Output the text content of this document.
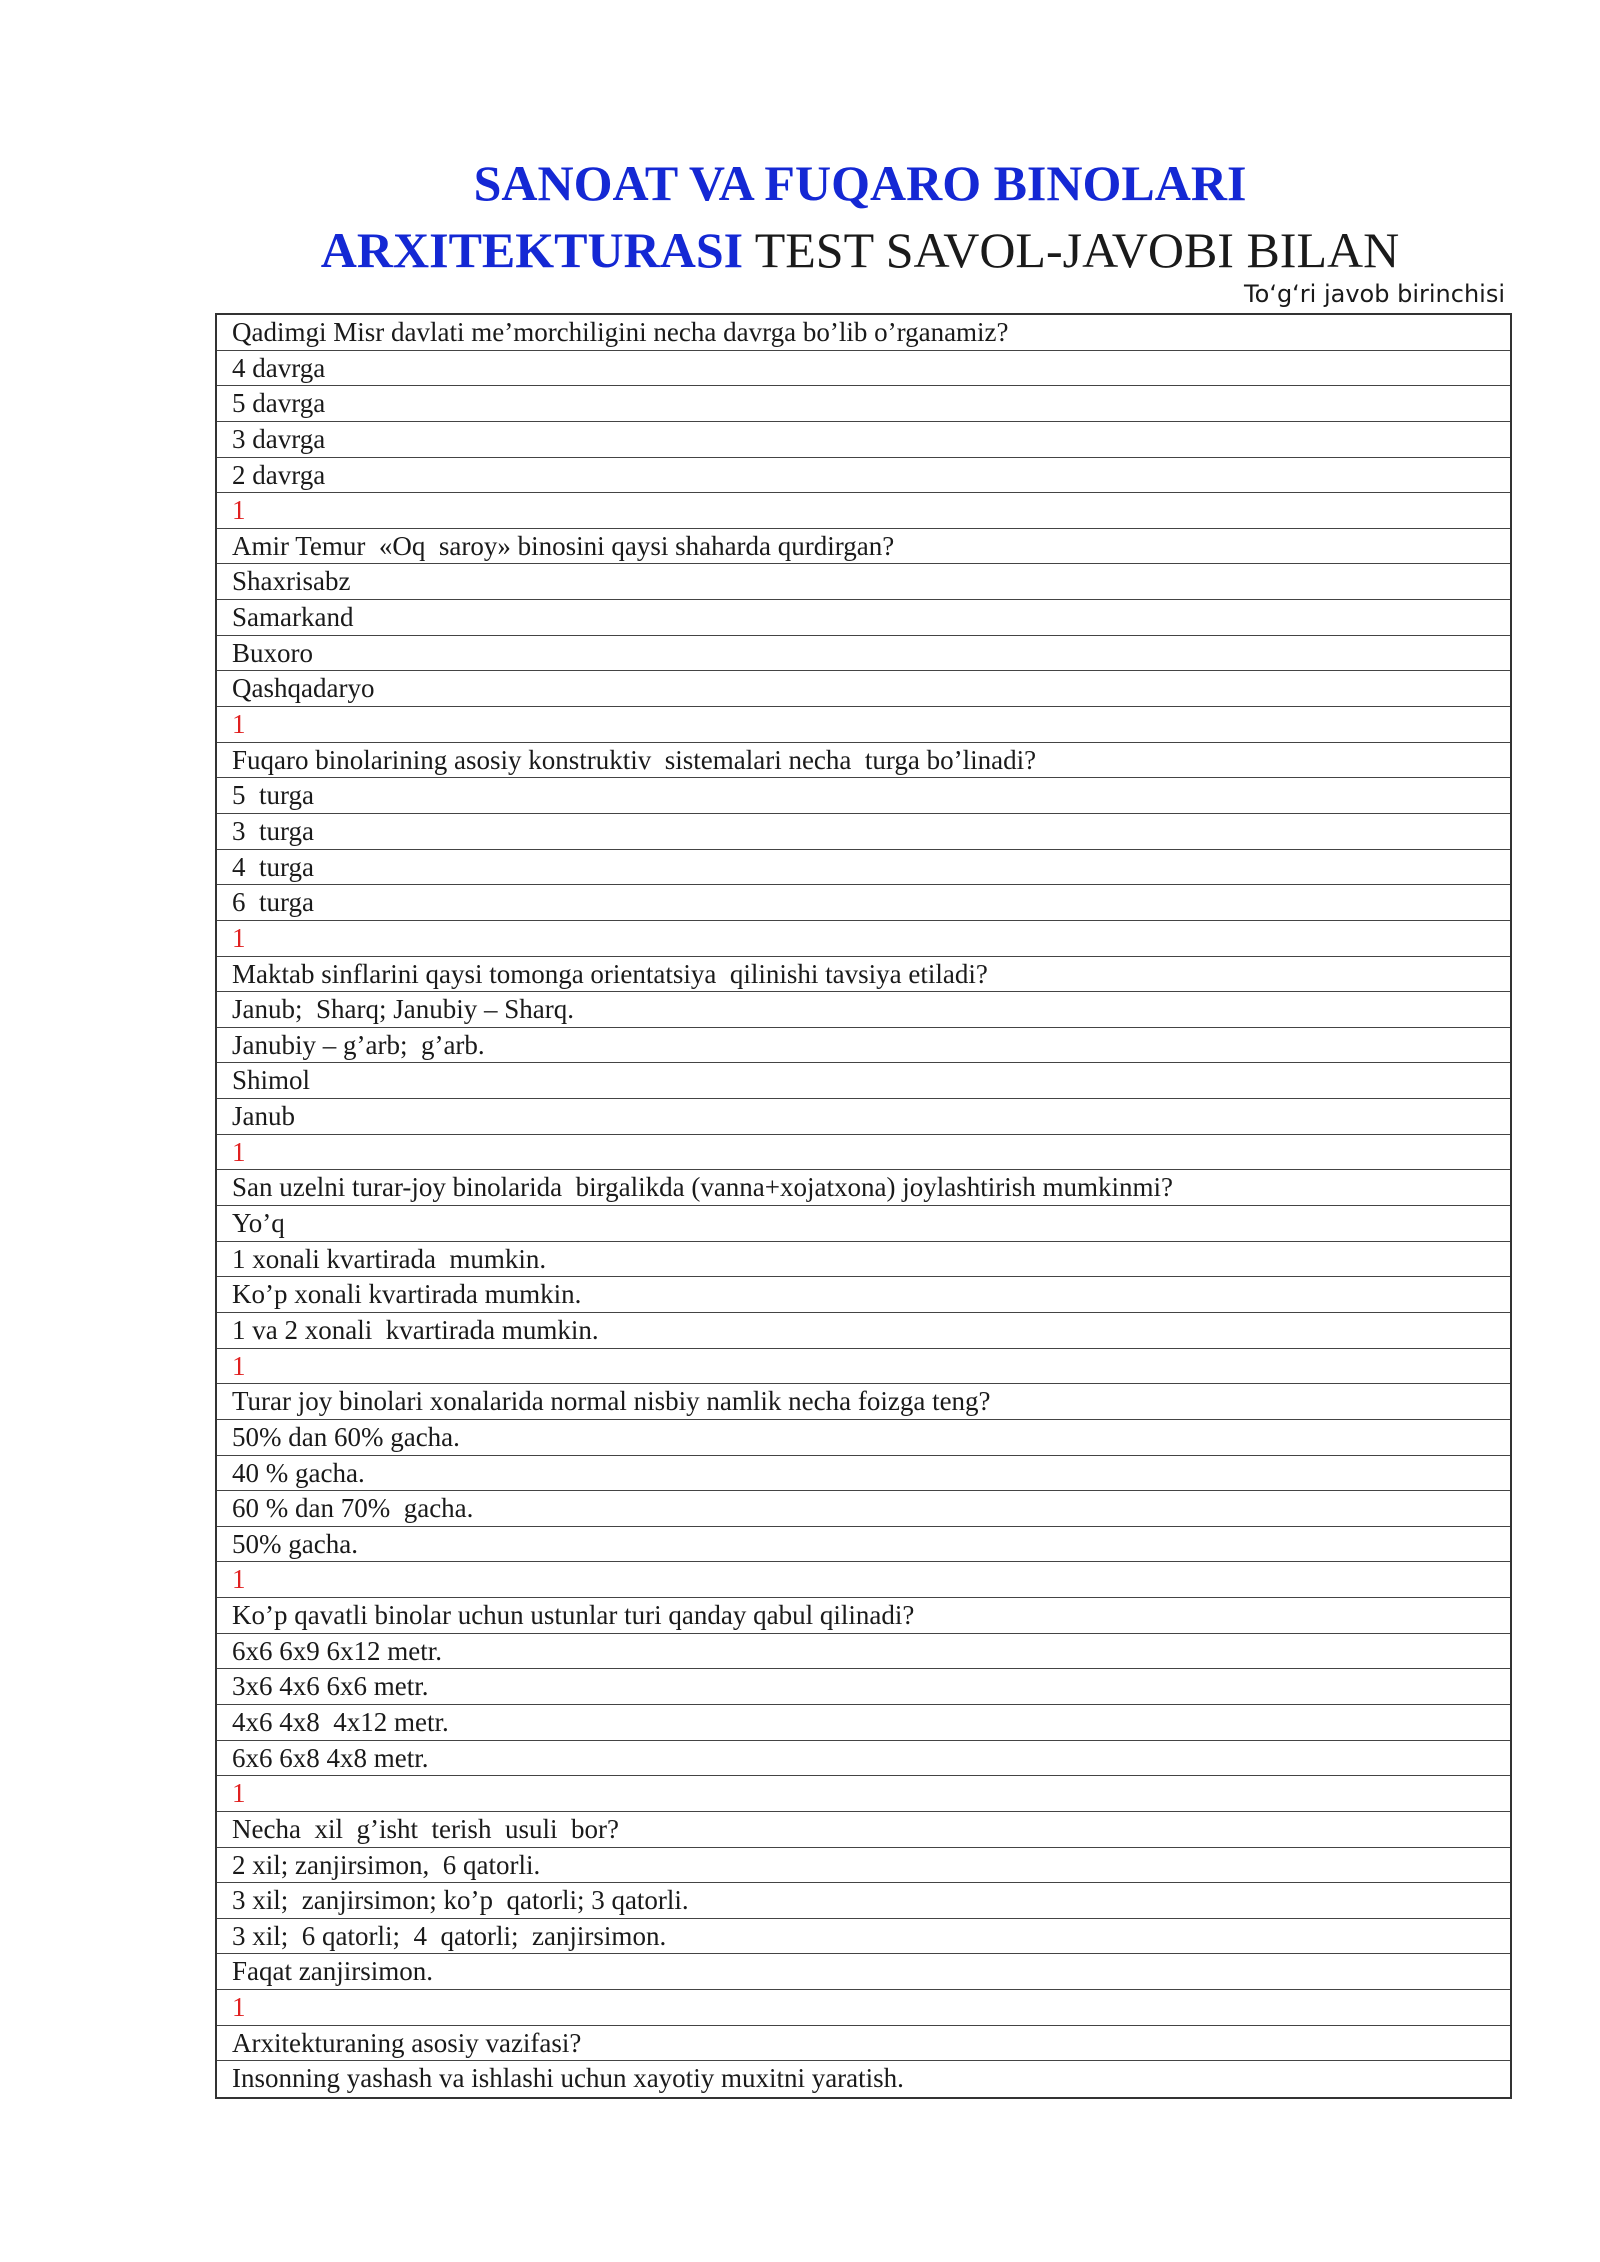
SANOAT VA FUQARO BINOLARI
ARXITEKTURASI TEST SAVOL-JAVOBI BILAN
To‘g‘ri javob birinchisi
Qadimgi Misr davlati me’morchiligini necha davrga bo’lib o’rganamiz?
4 davrga
5 davrga
3 davrga
2 davrga
1
Amir Temur  «Oq  saroy» binosini qaysi shaharda qurdirgan?
Shaxrisabz
Samarkand
Buxoro
Qashqadaryo
1
Fuqaro binolarining asosiy konstruktiv  sistemalari necha  turga bo’linadi?
5  turga
3  turga
4  turga
6  turga
1
Maktab sinflarini qaysi tomonga orientatsiya  qilinishi tavsiya etiladi?
Janub;  Sharq; Janubiy – Sharq.
Janubiy – g’arb;  g’arb.
Shimol
Janub
1
San uzelni turar-joy binolarida  birgalikda (vanna+xojatxona) joylashtirish mumkinmi?
Yo’q
1 xonali kvartirada  mumkin.
Ko’p xonali kvartirada mumkin.
1 va 2 xonali  kvartirada mumkin.
1
Turar joy binolari xonalarida normal nisbiy namlik necha foizga teng?
50% dan 60% gacha.
40 % gacha.
60 % dan 70%  gacha.
50% gacha.
1
Ko’p qavatli binolar uchun ustunlar turi qanday qabul qilinadi?
6x6 6x9 6x12 metr.
3x6 4x6 6x6 metr.
4x6 4x8  4x12 metr.
6x6 6x8 4x8 metr.
1
Necha  xil  g’isht  terish  usuli  bor?
2 xil; zanjirsimon,  6 qatorli.
3 xil;  zanjirsimon; ko’p  qatorli; 3 qatorli.
3 xil;  6 qatorli;  4  qatorli;  zanjirsimon.
Faqat zanjirsimon.
1
Arxitekturaning asosiy vazifasi?
Insonning yashash va ishlashi uchun xayotiy muxitni yaratish.
